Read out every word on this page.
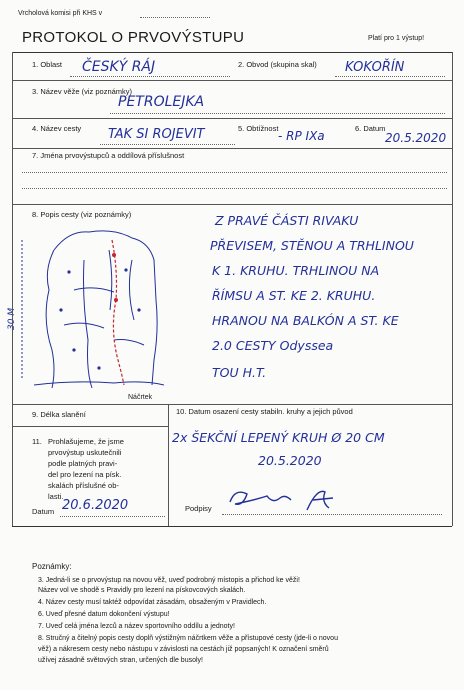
Vrcholová komisi při KHS v
PROTOKOL O PRVOVÝSTUPU	Platí pro 1 výstup!
1. Oblast ČESKÝ RÁJ	2. Obvod (skupina skal) KOKOŘÍN
3. Název věže (viz poznámky)
PETROLEJKA
4. Název cesty TAK SI ROJEVIT	5. Obtížnost
- RP IXa
6. Datum
20.5.2020
7. Jména prvovýstupců a oddílová příslušnost
8. Popis cesty (viz poznámky)
30 M
Náčrtek
Z PRAVÉ ČÁSTI RIVAKU
PŘEVISEM, STĚNOU A TRHLINOU
K 1. KRUHU. TRHLINOU NA
ŘÍMSU A ST. KE 2. KRUHU.
HRANOU NA BALKÓN A ST. KE
2.0 CESTY Odyssea
TOU H.T.
9. Délka slanění	10. Datum osazení cesty stabiln. kruhy a jejich původ
2x ŠEKČNÍ LEPENÝ KRUH Ø 20 CM
20.5.2020
11. Prohlašujeme, že jsme
prvovýstup uskutečnili
podle platných pravi-
del pro lezení na písk.
skalách příslušné ob-
lasti.
Datum 20.6.2020	Podpisy
Poznámky:
3. Jedná-li se o prvovýstup na novou věž, uveď podrobný místopis a přichod ke věži!
Název vol ve shodě s Pravidly pro lezení na pískovcových skalách.
4. Název cesty musí taktéž odpovídat zásadám, obsaženým v Pravidlech.
6. Uveď přesné datum dokončení výstupu!
7. Uveď celá jména lezců a název sportovního oddílu a jednoty!
8. Stručný a čitelný popis cesty doplň výstižným náčrtkem věže a přístupové cesty (jde-li o novou
věž) a nákresem cesty nebo nástupu v závislosti na cestách již popsaných! K označení směrů
užívej zásadně světových stran, určených dle busoly!
